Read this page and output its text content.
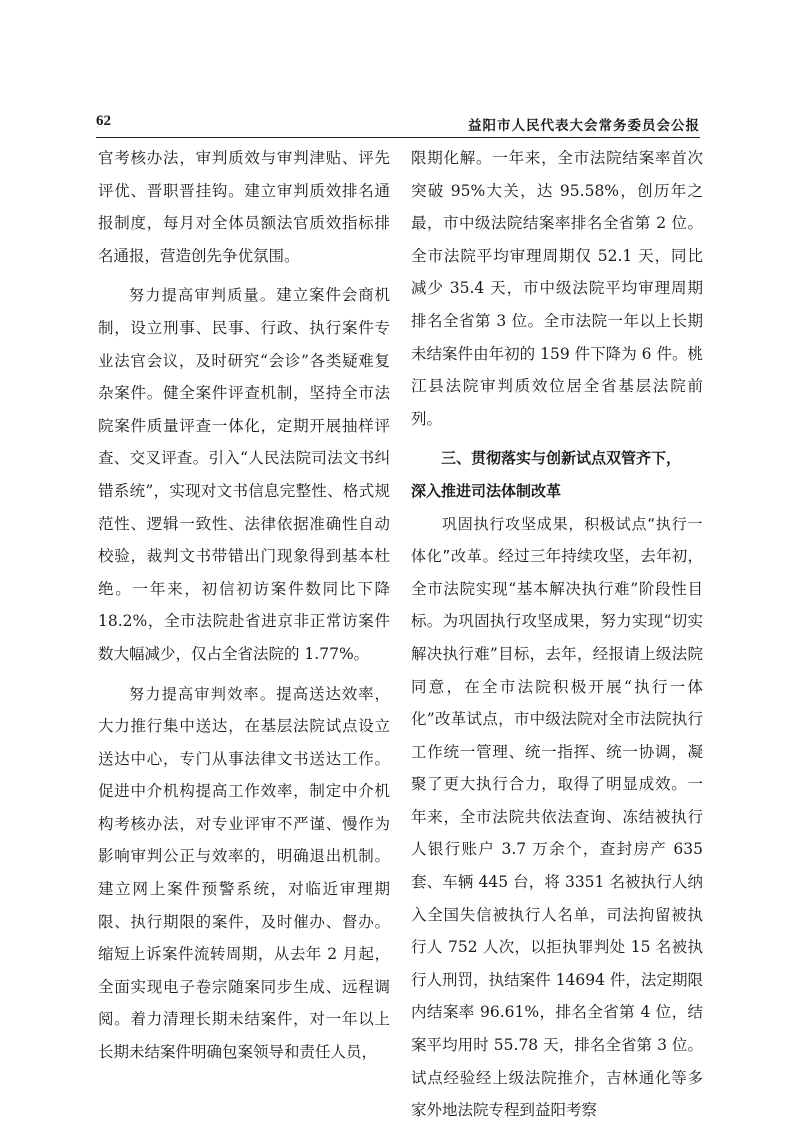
62	益阳市人民代表大会常务委员会公报

官考核办法，审判质效与审判津贴、评先评优、晋职晋挂钩。建立审判质效排名通报制度，每月对全体员额法官质效指标排名通报，营造创先争优氛围。

努力提高审判质量。建立案件会商机制，设立刑事、民事、行政、执行案件专业法官会议，及时研究“会诊”各类疑难复杂案件。健全案件评查机制，坚持全市法院案件质量评查一体化，定期开展抽样评查、交叉评查。引入“人民法院司法文书纠错系统”，实现对文书信息完整性、格式规范性、逻辑一致性、法律依据准确性自动校验，裁判文书带错出门现象得到基本杜绝。一年来，初信初访案件数同比下降 18.2%，全市法院赴省进京非正常访案件数大幅减少，仅占全省法院的 1.77%。

努力提高审判效率。提高送达效率，大力推行集中送达，在基层法院试点设立送达中心，专门从事法律文书送达工作。促进中介机构提高工作效率，制定中介机构考核办法，对专业评审不严谨、慢作为影响审判公正与效率的，明确退出机制。建立网上案件预警系统，对临近审理期限、执行期限的案件，及时催办、督办。缩短上诉案件流转周期，从去年 2 月起，全面实现电子卷宗随案同步生成、远程调阅。着力清理长期未结案件，对一年以上长期未结案件明确包案领导和责任人员，

限期化解。一年来，全市法院结案率首次突破 95%大关，达 95.58%，创历年之最，市中级法院结案率排名全省第 2 位。全市法院平均审理周期仅 52.1 天，同比减少 35.4 天，市中级法院平均审理周期排名全省第 3 位。全市法院一年以上长期未结案件由年初的 159 件下降为 6 件。桃江县法院审判质效位居全省基层法院前列。

三、贯彻落实与创新试点双管齐下，

深入推进司法体制改革

巩固执行攻坚成果，积极试点“执行一体化”改革。经过三年持续攻坚，去年初，全市法院实现“基本解决执行难”阶段性目标。为巩固执行攻坚成果，努力实现“切实解决执行难”目标，去年，经报请上级法院同意，在全市法院积极开展“执行一体化”改革试点，市中级法院对全市法院执行工作统一管理、统一指挥、统一协调，凝聚了更大执行合力，取得了明显成效。一年来，全市法院共依法查询、冻结被执行人银行账户 3.7 万余个，查封房产 635 套、车辆 445 台，将 3351 名被执行人纳入全国失信被执行人名单，司法拘留被执行人 752 人次，以拒执罪判处 15 名被执行人刑罚，执结案件 14694 件，法定期限内结案率 96.61%，排名全省第 4 位，结案平均用时 55.78 天，排名全省第 3 位。试点经验经上级法院推介，吉林通化等多家外地法院专程到益阳考察
